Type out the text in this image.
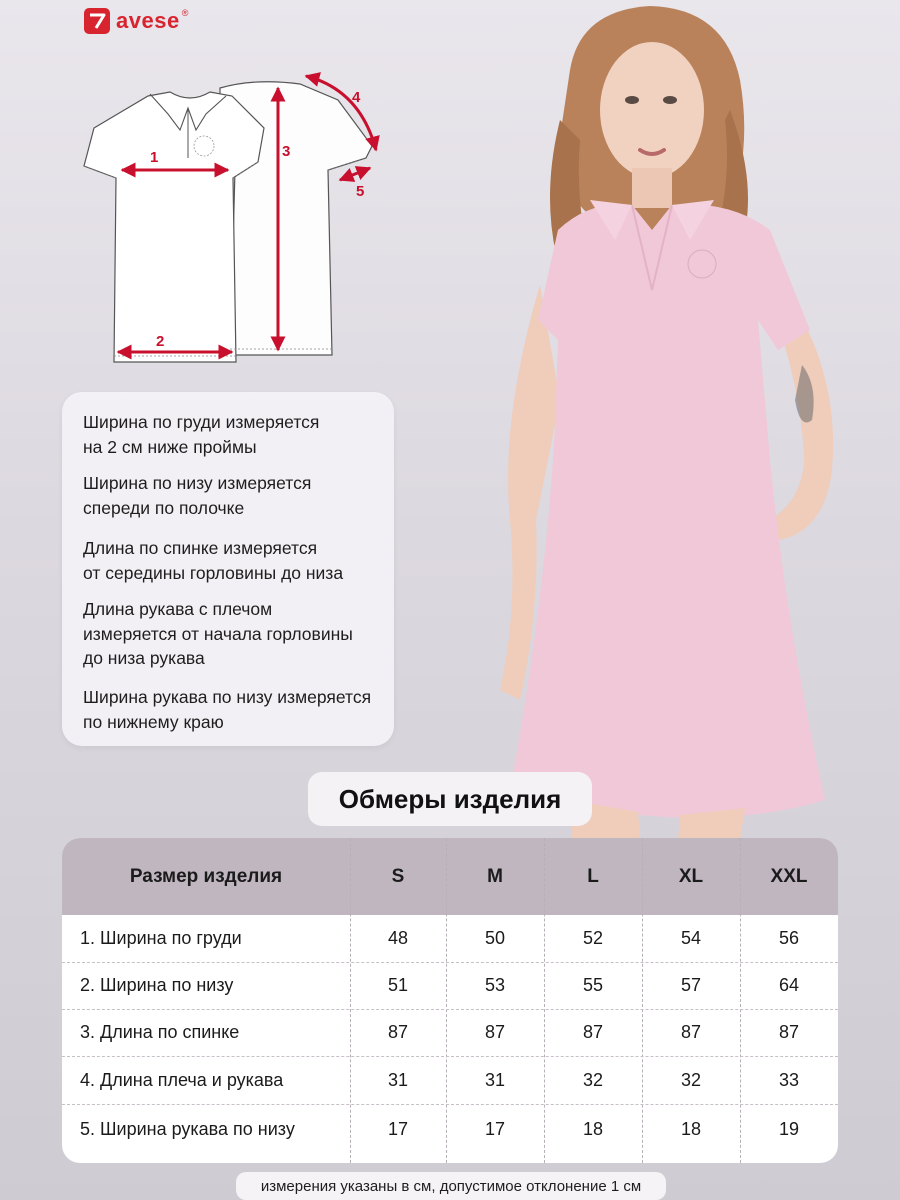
avese ®
1
2
3
4
5
Ширина по груди измеряется
на 2 см ниже проймы
Ширина по низу измеряется
спереди по полочке
Длина по спинке измеряется
от середины горловины до низа
Длина рукава с плечом
измеряется от начала горловины
до низа рукава
Ширина рукава по низу измеряется
по нижнему краю
Обмеры изделия
Размер изделия	S	M	L	XL	XXL
1. Ширина по груди	48	50	52	54	56
2. Ширина по низу	51	53	55	57	64
3. Длина по спинке	87	87	87	87	87
4. Длина плеча и рукава	31	31	32	32	33
5. Ширина рукава по низу	17	17	18	18	19
измерения указаны в см, допустимое отклонение 1 см
